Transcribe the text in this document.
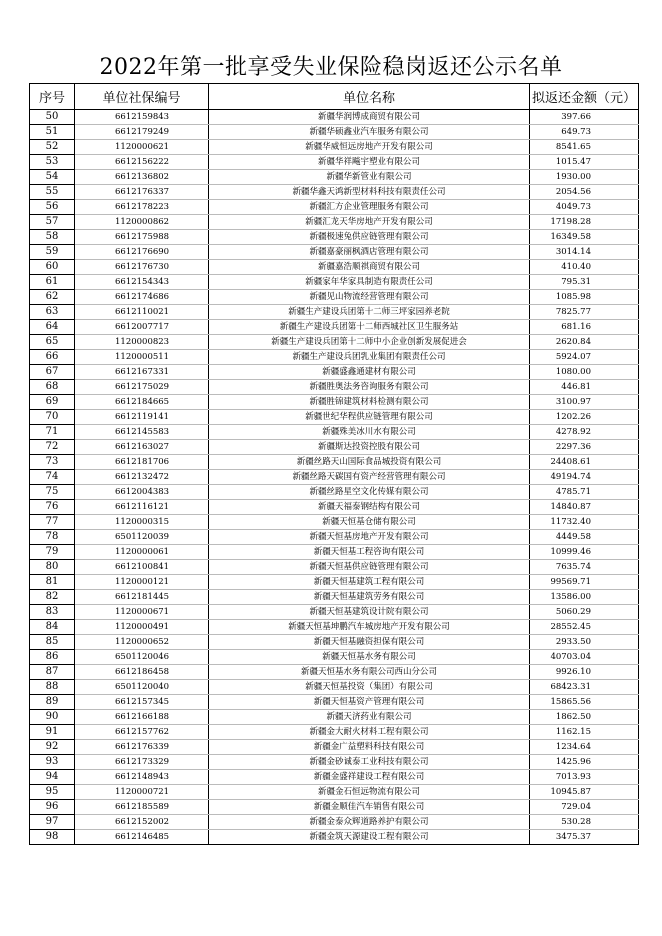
2022年第一批享受失业保险稳岗返还公示名单
序号	单位社保编号	单位名称	拟返还金额（元）
50	6612159843	新疆华润博成商贸有限公司	397.66
51	6612179249	新疆华硕鑫业汽车服务有限公司	649.73
52	1120000621	新疆华威恒远房地产开发有限公司	8541.65
53	6612156222	新疆华祥飚宇塑业有限公司	1015.47
54	6612136802	新疆华新管业有限公司	1930.00
55	6612176337	新疆华鑫天鸿新型材料科技有限责任公司	2054.56
56	6612178223	新疆汇方企业管理服务有限公司	4049.73
57	1120000862	新疆汇龙天华房地产开发有限公司	17198.28
58	6612175988	新疆极速兔供应链管理有限公司	16349.58
59	6612176690	新疆嘉豪丽枫酒店管理有限公司	3014.14
60	6612176730	新疆嘉浩顺祺商贸有限公司	410.40
61	6612154343	新疆家年华家具制造有限责任公司	795.31
62	6612174686	新疆见山物流经营管理有限公司	1085.98
63	6612110021	新疆生产建设兵团第十二师三坪家园养老院	7825.77
64	6612007717	新疆生产建设兵团第十二师西城社区卫生服务站	681.16
65	1120000823	新疆生产建设兵团第十二师中小企业创新发展促进会	2620.84
66	1120000511	新疆生产建设兵团乳业集团有限责任公司	5924.07
67	6612167331	新疆盛鑫通建材有限公司	1080.00
68	6612175029	新疆胜奥法务咨询服务有限公司	446.81
69	6612184665	新疆胜锦建筑材料检测有限公司	3100.97
70	6612119141	新疆世纪华程供应链管理有限公司	1202.26
71	6612145583	新疆殊美冰川水有限公司	4278.92
72	6612163027	新疆斯达投资控股有限公司	2297.36
73	6612181706	新疆丝路天山国际食品城投资有限公司	24408.61
74	6612132472	新疆丝路天碳国有资产经营管理有限公司	49194.74
75	6612004383	新疆丝路星空文化传媒有限公司	4785.71
76	6612116121	新疆天福泰钢结构有限公司	14840.87
77	1120000315	新疆天恒基仓储有限公司	11732.40
78	6501120039	新疆天恒基房地产开发有限公司	4449.58
79	1120000061	新疆天恒基工程咨询有限公司	10999.46
80	6612100841	新疆天恒基供应链管理有限公司	7635.74
81	1120000121	新疆天恒基建筑工程有限公司	99569.71
82	6612181445	新疆天恒基建筑劳务有限公司	13586.00
83	1120000671	新疆天恒基建筑设计院有限公司	5060.29
84	1120000491	新疆天恒基坤鹏汽车城房地产开发有限公司	28552.45
85	1120000652	新疆天恒基融资担保有限公司	2933.50
86	6501120046	新疆天恒基水务有限公司	40703.04
87	6612186458	新疆天恒基水务有限公司西山分公司	9926.10
88	6501120040	新疆天恒基投资（集团）有限公司	68423.31
89	6612157345	新疆天恒基资产管理有限公司	15865.56
90	6612166188	新疆天济药业有限公司	1862.50
91	6612157762	新疆金大耐火材料工程有限公司	1162.15
92	6612176339	新疆金广益塑料科技有限公司	1234.64
93	6612173329	新疆金砂诚泰工业科技有限公司	1425.96
94	6612148943	新疆金盛祥建设工程有限公司	7013.93
95	1120000721	新疆金石恒远物流有限公司	10945.87
96	6612185589	新疆金顺佳汽车销售有限公司	729.04
97	6612152002	新疆金泰众辉道路养护有限公司	530.28
98	6612146485	新疆金筑天源建设工程有限公司	3475.37
